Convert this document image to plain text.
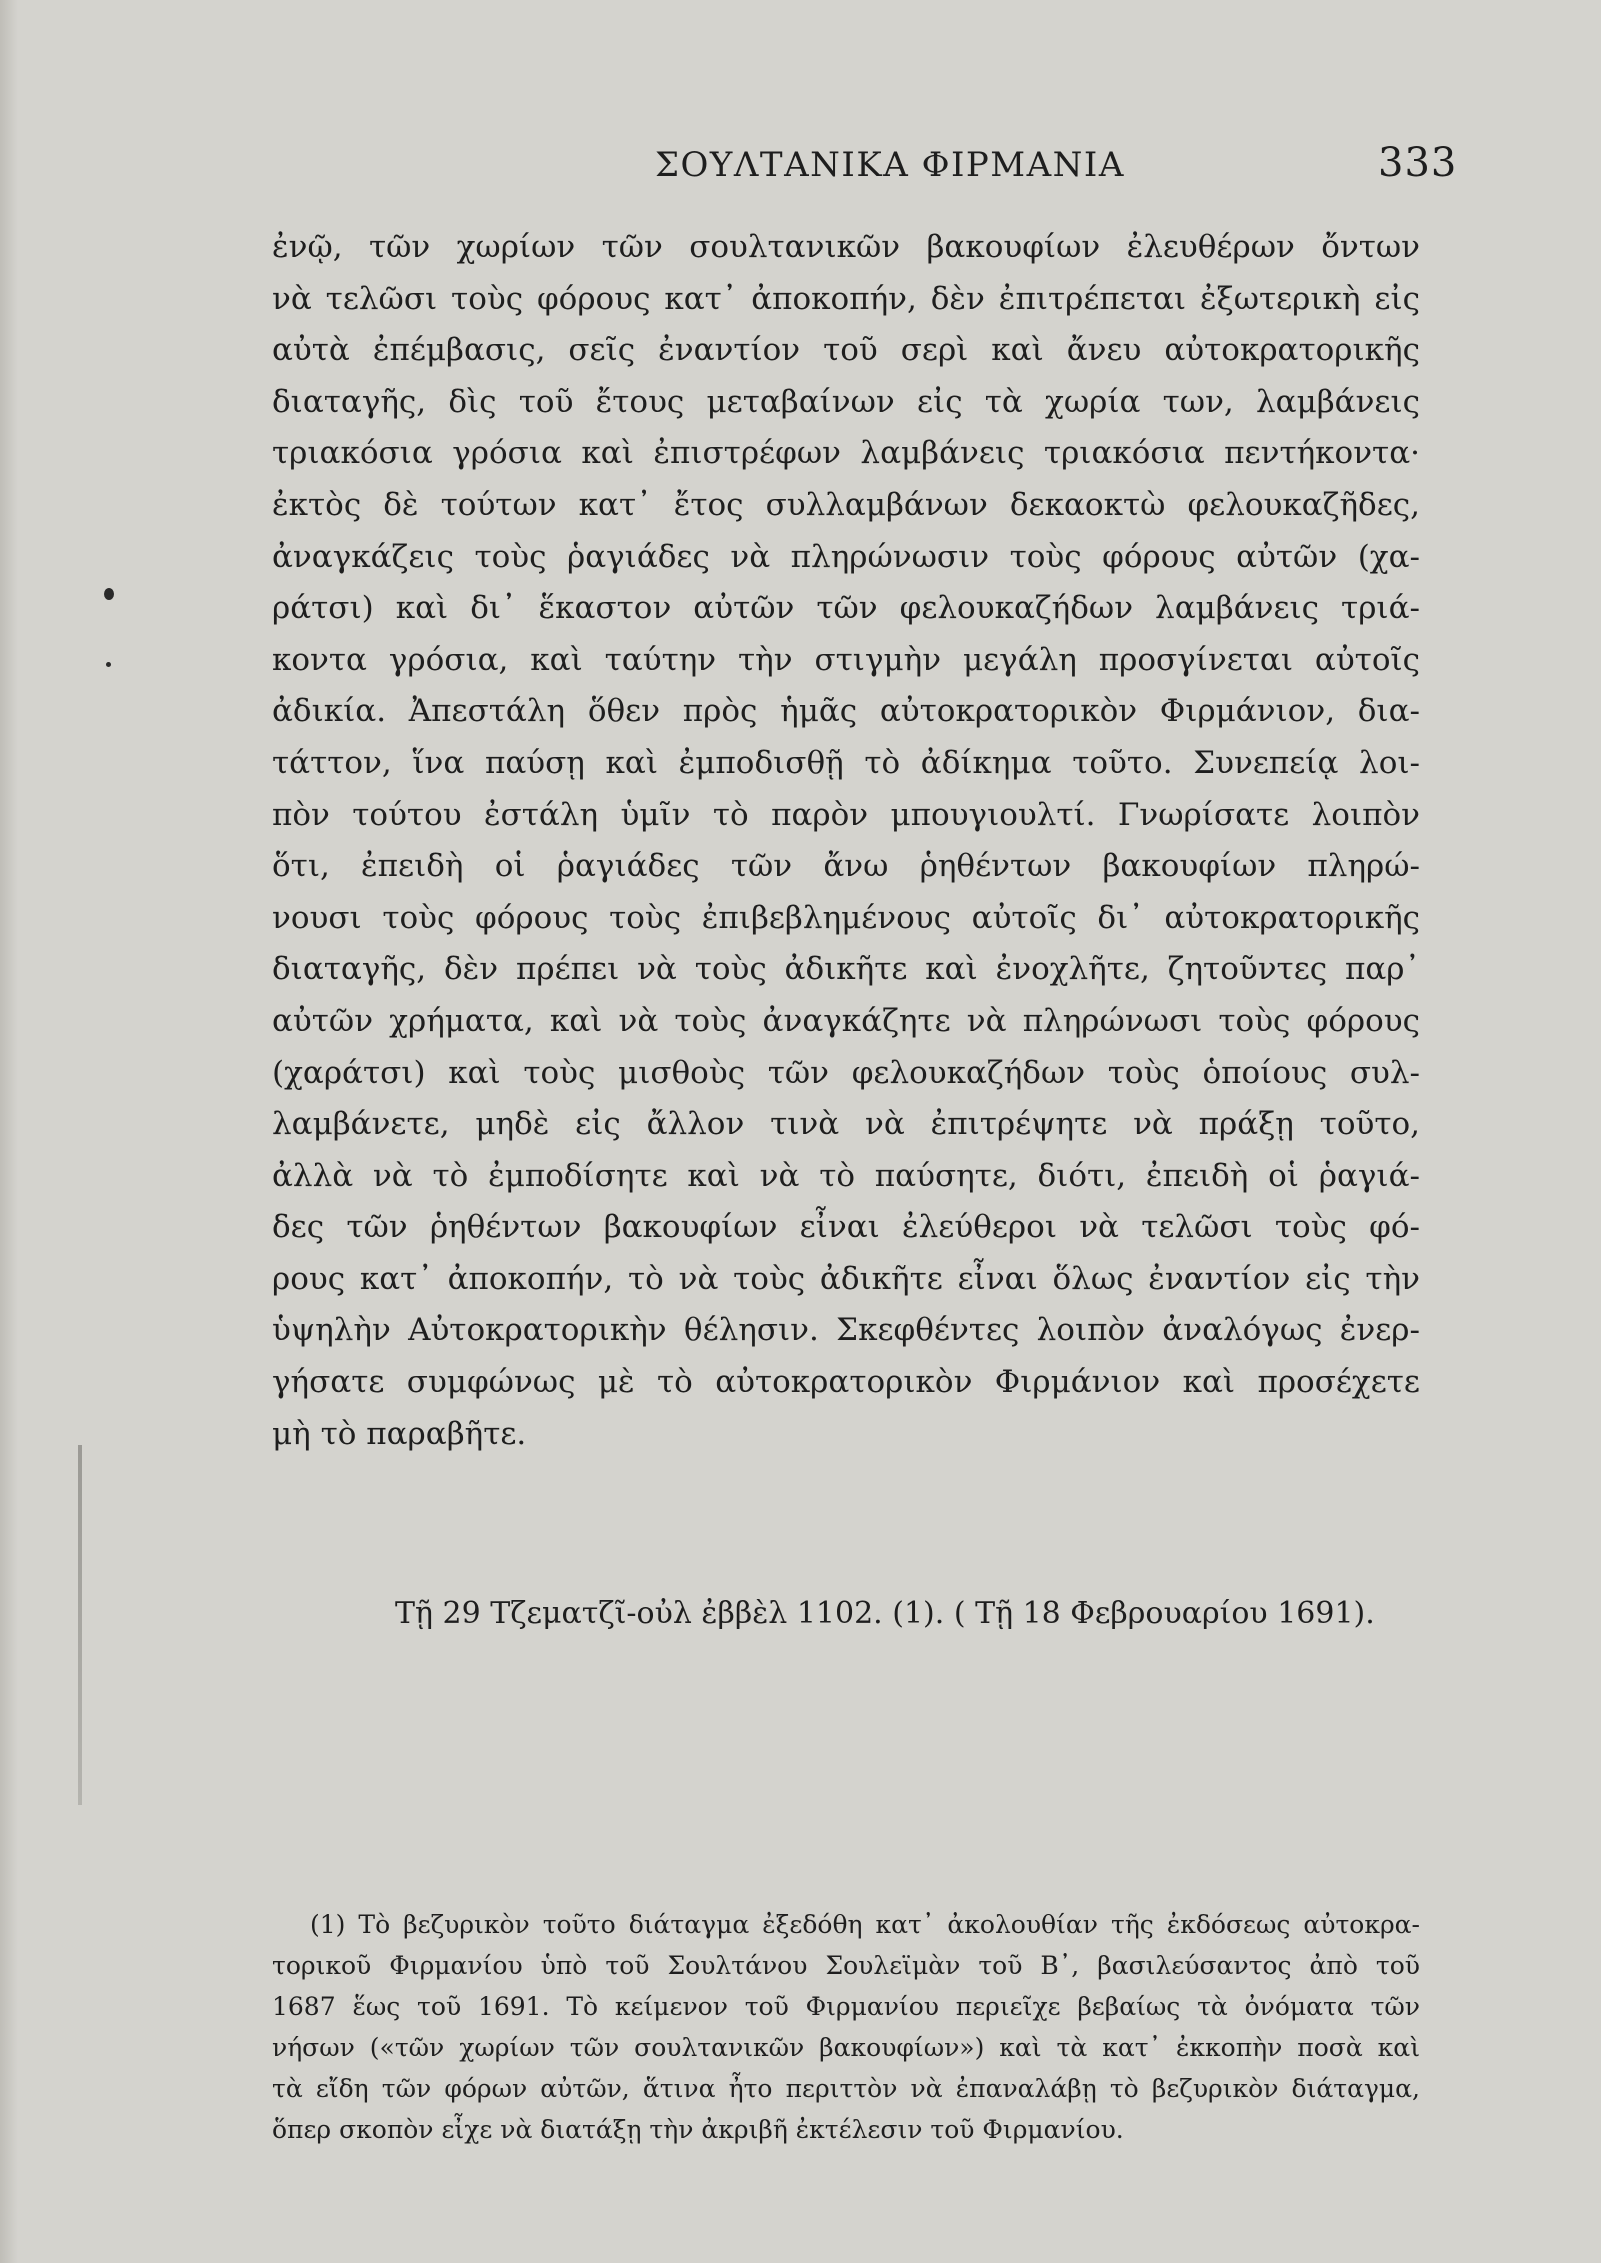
ΣΟΥΛΤΑΝΙΚΑ ΦΙΡΜΑΝΙΑ	333
ἐνῷ, τῶν χωρίων τῶν σουλτανικῶν βακουφίων ἐλευθέρων ὄντων
νὰ τελῶσι τοὺς φόρους κατ᾽ ἀποκοπήν, δὲν ἐπιτρέπεται ἐξωτερικὴ εἰς
αὐτὰ ἐπέμβασις, σεῖς ἐναντίον τοῦ σερὶ καὶ ἄνευ αὐτοκρατορικῆς
διαταγῆς, δὶς τοῦ ἔτους μεταβαίνων εἰς τὰ χωρία των, λαμβάνεις
τριακόσια γρόσια καὶ ἐπιστρέφων λαμβάνεις τριακόσια πεντήκοντα·
ἐκτὸς δὲ τούτων κατ᾽ ἔτος συλλαμβάνων δεκαοκτὼ φελουκαζῆδες,
ἀναγκάζεις τοὺς ῥαγιάδες νὰ πληρώνωσιν τοὺς φόρους αὐτῶν (χα-
ράτσι) καὶ δι᾽ ἕκαστον αὐτῶν τῶν φελουκαζήδων λαμβάνεις τριά-
κοντα γρόσια, καὶ ταύτην τὴν στιγμὴν μεγάλη προσγίνεται αὐτοῖς
ἀδικία. Ἀπεστάλη ὅθεν πρὸς ἡμᾶς αὐτοκρατορικὸν Φιρμάνιον, δια-
τάττον, ἵνα παύσῃ καὶ ἐμποδισθῇ τὸ ἀδίκημα τοῦτο. Συνεπείᾳ λοι-
πὸν τούτου ἐστάλη ὑμῖν τὸ παρὸν μπουγιουλτί. Γνωρίσατε λοιπὸν
ὅτι, ἐπειδὴ οἱ ῥαγιάδες τῶν ἄνω ῥηθέντων βακουφίων πληρώ-
νουσι τοὺς φόρους τοὺς ἐπιβεβλημένους αὐτοῖς δι᾽ αὐτοκρατορικῆς
διαταγῆς, δὲν πρέπει νὰ τοὺς ἀδικῆτε καὶ ἐνοχλῆτε, ζητοῦντες παρ᾽
αὐτῶν χρήματα, καὶ νὰ τοὺς ἀναγκάζητε νὰ πληρώνωσι τοὺς φόρους
(χαράτσι) καὶ τοὺς μισθοὺς τῶν φελουκαζήδων τοὺς ὁποίους συλ-
λαμβάνετε, μηδὲ εἰς ἄλλον τινὰ νὰ ἐπιτρέψητε νὰ πράξῃ τοῦτο,
ἀλλὰ νὰ τὸ ἐμποδίσητε καὶ νὰ τὸ παύσητε, διότι, ἐπειδὴ οἱ ῥαγιά-
δες τῶν ῥηθέντων βακουφίων εἶναι ἐλεύθεροι νὰ τελῶσι τοὺς φό-
ρους κατ᾽ ἀποκοπήν, τὸ νὰ τοὺς ἀδικῆτε εἶναι ὅλως ἐναντίον εἰς τὴν
ὑψηλὴν Αὐτοκρατορικὴν θέλησιν. Σκεφθέντες λοιπὸν ἀναλόγως ἐνερ-
γήσατε συμφώνως μὲ τὸ αὐτοκρατορικὸν Φιρμάνιον καὶ προσέχετε
μὴ τὸ παραβῆτε.
Τῇ 29 Τζεματζῖ-οὐλ ἐββὲλ 1102. (1). ( Τῇ 18 Φεβρουαρίου 1691).
(1) Τὸ βεζυρικὸν τοῦτο διάταγμα ἐξεδόθη κατ᾽ ἀκολουθίαν τῆς ἐκδόσεως αὐτοκρα-
τορικοῦ Φιρμανίου ὑπὸ τοῦ Σουλτάνου Σουλεϊμὰν τοῦ Β᾽, βασιλεύσαντος ἀπὸ τοῦ
1687 ἕως τοῦ 1691. Τὸ κείμενον τοῦ Φιρμανίου περιεῖχε βεβαίως τὰ ὀνόματα τῶν
νήσων («τῶν χωρίων τῶν σουλτανικῶν βακουφίων») καὶ τὰ κατ᾽ ἐκκοπὴν ποσὰ καὶ
τὰ εἴδη τῶν φόρων αὐτῶν, ἅτινα ἦτο περιττὸν νὰ ἐπαναλάβῃ τὸ βεζυρικὸν διάταγμα,
ὅπερ σκοπὸν εἶχε νὰ διατάξῃ τὴν ἀκριβῆ ἐκτέλεσιν τοῦ Φιρμανίου.
